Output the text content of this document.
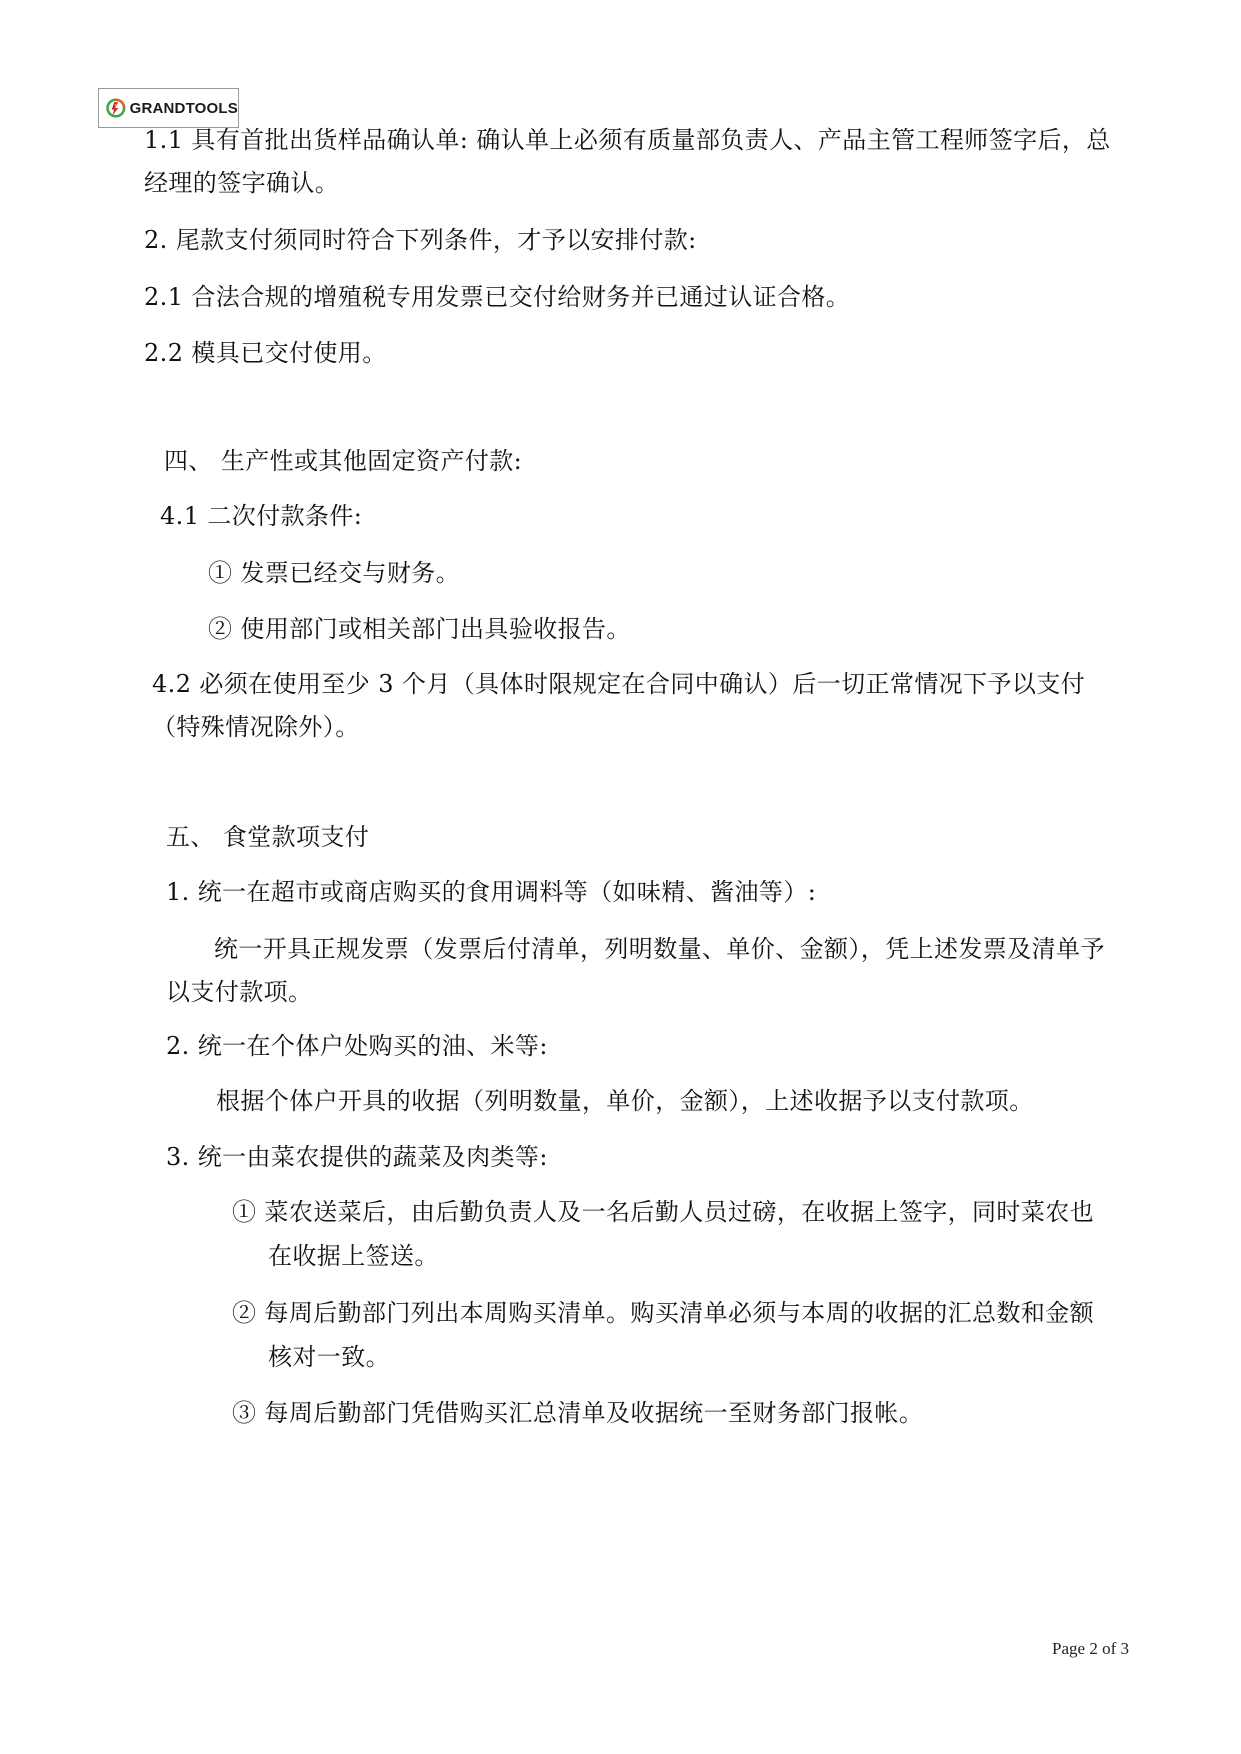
GRANDTOOLS
1.1 具有首批出货样品确认单: 确认单上必须有质量部负责人、产品主管工程师签字后，总
经理的签字确认。
2. 尾款支付须同时符合下列条件，才予以安排付款:
2.1 合法合规的增殖税专用发票已交付给财务并已通过认证合格。
2.2 模具已交付使用。
四、 生产性或其他固定资产付款:
4.1 二次付款条件:
① 发票已经交与财务。
② 使用部门或相关部门出具验收报告。
4.2 必须在使用至少 3 个月（具体时限规定在合同中确认）后一切正常情况下予以支付
（特殊情况除外）。
五、 食堂款项支付
1. 统一在超市或商店购买的食用调料等（如味精、酱油等）:
统一开具正规发票（发票后付清单，列明数量、单价、金额），凭上述发票及清单予
以支付款项。
2. 统一在个体户处购买的油、米等:
根据个体户开具的收据（列明数量，单价，金额），上述收据予以支付款项。
3. 统一由菜农提供的蔬菜及肉类等:
① 菜农送菜后，由后勤负责人及一名后勤人员过磅，在收据上签字，同时菜农也
在收据上签送。
② 每周后勤部门列出本周购买清单。购买清单必须与本周的收据的汇总数和金额
核对一致。
③ 每周后勤部门凭借购买汇总清单及收据统一至财务部门报帐。
Page 2 of 3
